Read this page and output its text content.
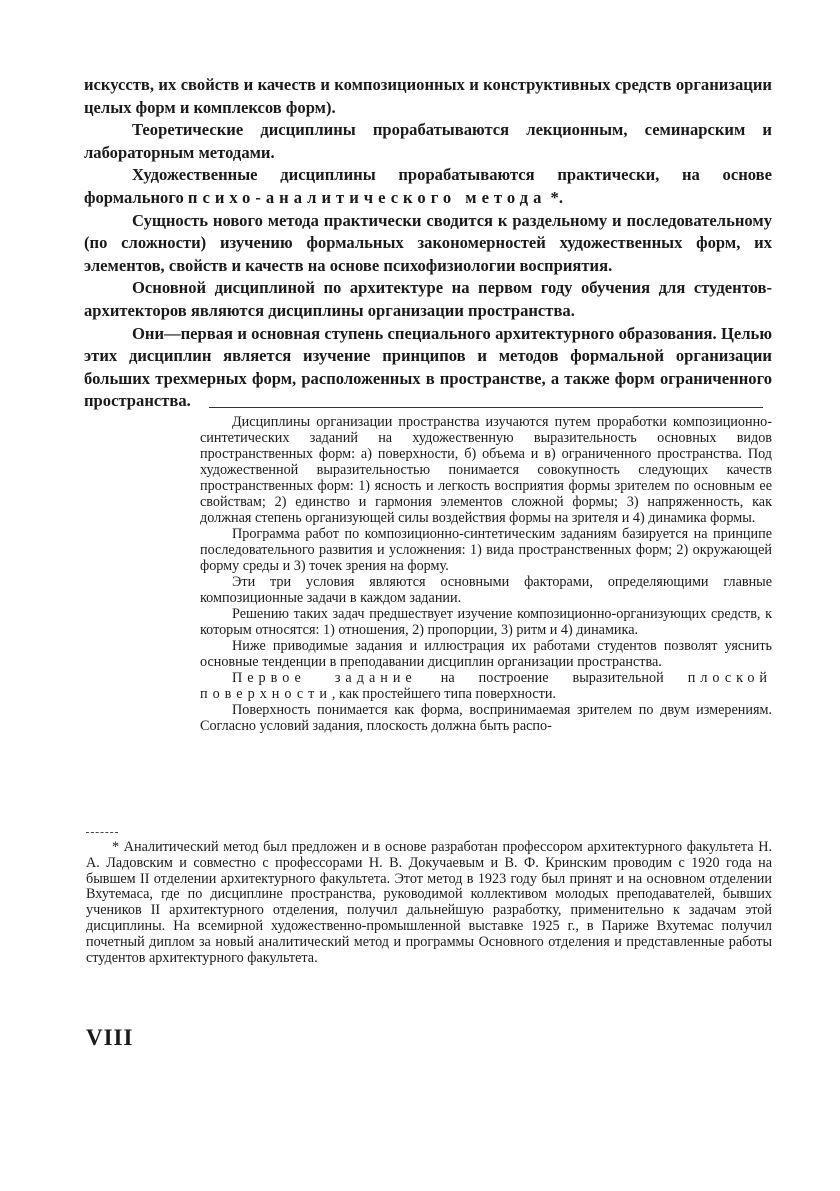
искусств, их свойств и качеств и композиционных и конструктивных средств организации целых форм и комплексов форм).

Теоретические дисциплины прорабатываются лекционным, семинарским и лабораторным методами.

Художественные дисциплины прорабатываются практически, на основе формального психо-аналитического метода *.

Сущность нового метода практически сводится к раздельному и последовательному (по сложности) изучению формальных закономерностей художественных форм, их элементов, свойств и качеств на основе психофизиологии восприятия.

Основной дисциплиной по архитектуре на первом году обучения для студентов-архитекторов являются дисциплины организации пространства.

Они—первая и основная ступень специального архитектурного образования. Целью этих дисциплин является изучение принципов и методов формальной организации больших трехмерных форм, расположенных в пространстве, а также форм ограниченного пространства.

Дисциплины организации пространства изучаются путем проработки композиционно-синтетических заданий на художественную выразительность основных видов пространственных форм: а) поверхности, б) объема и в) ограниченного пространства. Под художественной выразительностью понимается совокупность следующих качеств пространственных форм: 1) ясность и легкость восприятия формы зрителем по основным ее свойствам; 2) единство и гармония элементов сложной формы; 3) напряженность, как должная степень организующей силы воздействия формы на зрителя и 4) динамика формы.

Программа работ по композиционно-синтетическим заданиям базируется на принципе последовательного развития и усложнения: 1) вида пространственных форм; 2) окружающей форму среды и 3) точек зрения на форму.

Эти три условия являются основными факторами, определяющими главные композиционные задачи в каждом задании.

Решению таких задач предшествует изучение композиционно-организующих средств, к которым относятся: 1) отношения, 2) пропорции, 3) ритм и 4) динамика.

Ниже приводимые задания и иллюстрация их работами студентов позволят уяснить основные тенденции в преподавании дисциплин организации пространства.

Первое задание на построение выразительной плоской поверхности, как простейшего типа поверхности.

Поверхность понимается как форма, воспринимаемая зрителем по двум измерениям. Согласно условий задания, плоскость должна быть распо-

* Аналитический метод был предложен и в основе разработан профессором архитектурного факультета Н. А. Ладовским и совместно с профессорами Н. В. Докучаевым и В. Ф. Кринским проводим с 1920 года на бывшем II отделении архитектурного факультета. Этот метод в 1923 году был принят и на основном отделении Вхутемаса, где по дисциплине пространства, руководимой коллективом молодых преподавателей, бывших учеников II архитектурного отделения, получил дальнейшую разработку, применительно к задачам этой дисциплины. На всемирной художественно-промышленной выставке 1925 г., в Париже Вхутемас получил почетный диплом за новый аналитический метод и программы Основного отделения и представленные работы студентов архитектурного факультета.

VIII
